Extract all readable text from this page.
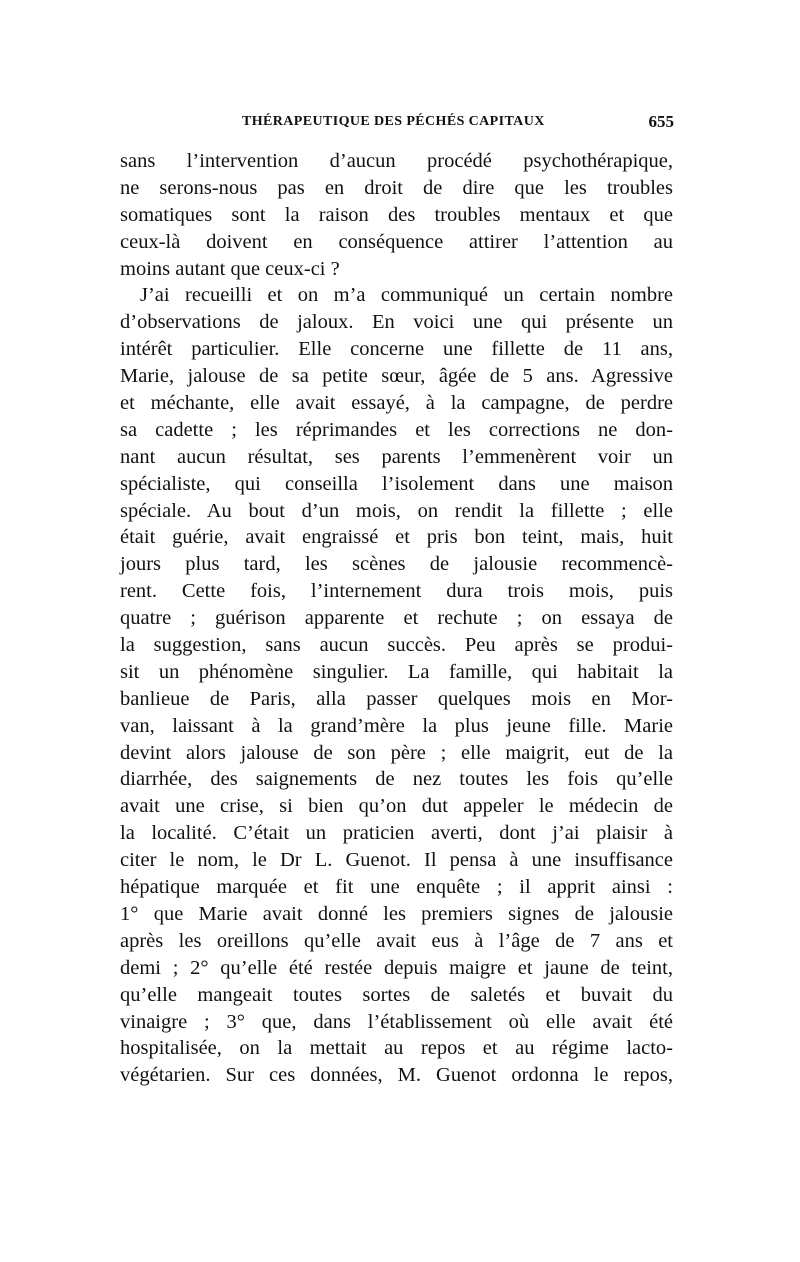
THÉRAPEUTIQUE DES PÉCHÉS CAPITAUX	655
sans l’intervention d’aucun procédé psychothérapique,
ne serons-nous pas en droit de dire que les troubles
somatiques sont la raison des troubles mentaux et que
ceux-là doivent en conséquence attirer l’attention au
moins autant que ceux-ci ?
J’ai recueilli et on m’a communiqué un certain nombre
d’observations de jaloux. En voici une qui présente un
intérêt particulier. Elle concerne une fillette de 11 ans,
Marie, jalouse de sa petite sœur, âgée de 5 ans. Agressive
et méchante, elle avait essayé, à la campagne, de perdre
sa cadette ; les réprimandes et les corrections ne don-
nant aucun résultat, ses parents l’emmenèrent voir un
spécialiste, qui conseilla l’isolement dans une maison
spéciale. Au bout d’un mois, on rendit la fillette ; elle
était guérie, avait engraissé et pris bon teint, mais, huit
jours plus tard, les scènes de jalousie recommencè-
rent. Cette fois, l’internement dura trois mois, puis
quatre ; guérison apparente et rechute ; on essaya de
la suggestion, sans aucun succès. Peu après se produi-
sit un phénomène singulier. La famille, qui habitait la
banlieue de Paris, alla passer quelques mois en Mor-
van, laissant à la grand’mère la plus jeune fille. Marie
devint alors jalouse de son père ; elle maigrit, eut de la
diarrhée, des saignements de nez toutes les fois qu’elle
avait une crise, si bien qu’on dut appeler le médecin de
la localité. C’était un praticien averti, dont j’ai plaisir à
citer le nom, le Dr L. Guenot. Il pensa à une insuffisance
hépatique marquée et fit une enquête ; il apprit ainsi :
1° que Marie avait donné les premiers signes de jalousie
après les oreillons qu’elle avait eus à l’âge de 7 ans et
demi ; 2° qu’elle été restée depuis maigre et jaune de teint,
qu’elle mangeait toutes sortes de saletés et buvait du
vinaigre ; 3° que, dans l’établissement où elle avait été
hospitalisée, on la mettait au repos et au régime lacto-
végétarien. Sur ces données, M. Guenot ordonna le repos,
